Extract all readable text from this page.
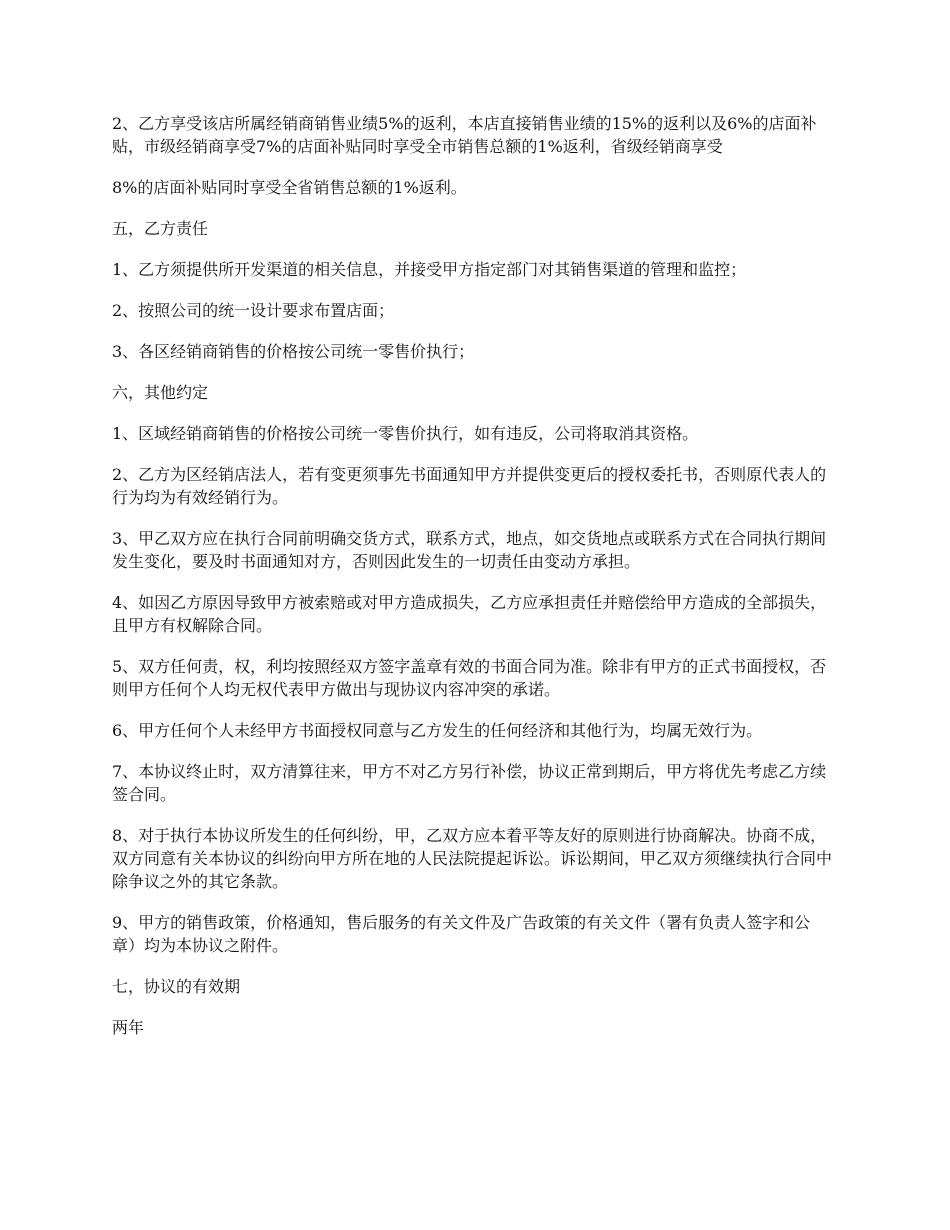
2、乙方享受该店所属经销商销售业绩5%的返利，本店直接销售业绩的15%的返利以及6%的店面补贴，市级经销商享受7%的店面补贴同时享受全市销售总额的1%返利，省级经销商享受

8%的店面补贴同时享受全省销售总额的1%返利。

五，乙方责任

1、乙方须提供所开发渠道的相关信息，并接受甲方指定部门对其销售渠道的管理和监控；

2、按照公司的统一设计要求布置店面；

3、各区经销商销售的价格按公司统一零售价执行；

六，其他约定

1、区域经销商销售的价格按公司统一零售价执行，如有违反，公司将取消其资格。

2、乙方为区经销店法人，若有变更须事先书面通知甲方并提供变更后的授权委托书，否则原代表人的行为均为有效经销行为。

3、甲乙双方应在执行合同前明确交货方式，联系方式，地点，如交货地点或联系方式在合同执行期间发生变化，要及时书面通知对方，否则因此发生的一切责任由变动方承担。

4、如因乙方原因导致甲方被索赔或对甲方造成损失，乙方应承担责任并赔偿给甲方造成的全部损失，且甲方有权解除合同。

5、双方任何责，权，利均按照经双方签字盖章有效的书面合同为准。除非有甲方的正式书面授权，否则甲方任何个人均无权代表甲方做出与现协议内容冲突的承诺。

6、甲方任何个人未经甲方书面授权同意与乙方发生的任何经济和其他行为，均属无效行为。

7、本协议终止时，双方清算往来，甲方不对乙方另行补偿，协议正常到期后，甲方将优先考虑乙方续签合同。

8、对于执行本协议所发生的任何纠纷，甲，乙双方应本着平等友好的原则进行协商解决。协商不成，双方同意有关本协议的纠纷向甲方所在地的人民法院提起诉讼。诉讼期间，甲乙双方须继续执行合同中除争议之外的其它条款。

9、甲方的销售政策，价格通知，售后服务的有关文件及广告政策的有关文件（署有负责人签字和公章）均为本协议之附件。

七，协议的有效期

两年
